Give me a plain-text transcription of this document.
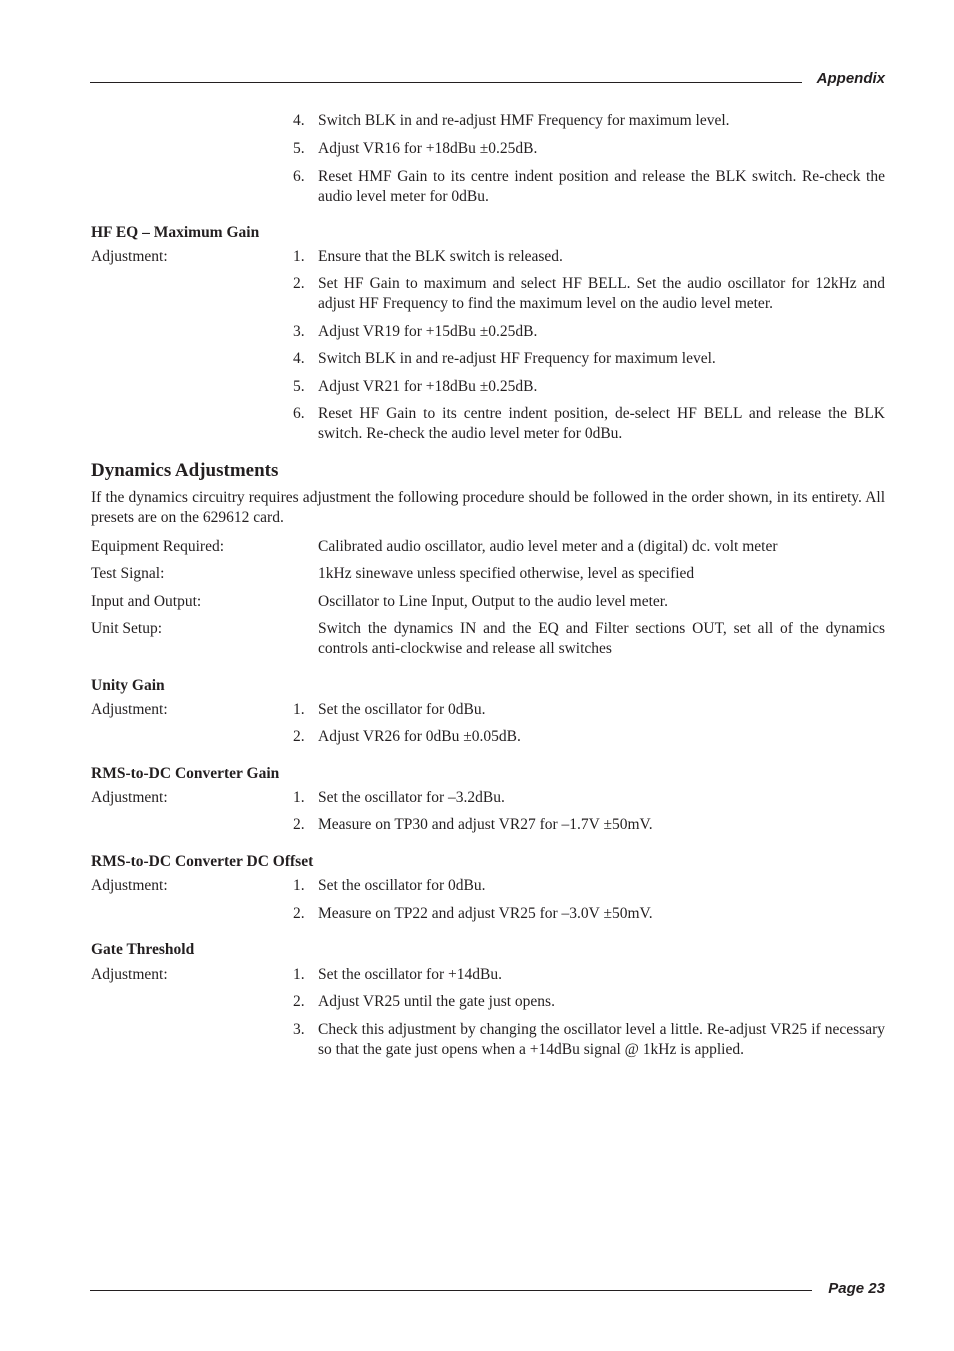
Appendix
4. Switch BLK in and re-adjust HMF Frequency for maximum level.
5. Adjust VR16 for +18dBu ±0.25dB.
6. Reset HMF Gain to its centre indent position and release the BLK switch. Re-check the audio level meter for 0dBu.
HF EQ – Maximum Gain
Adjustment:	1. Ensure that the BLK switch is released.
2. Set HF Gain to maximum and select HF BELL. Set the audio oscillator for 12kHz and adjust HF Frequency to find the maximum level on the audio level meter.
3. Adjust VR19 for +15dBu ±0.25dB.
4. Switch BLK in and re-adjust HF Frequency for maximum level.
5. Adjust VR21 for +18dBu ±0.25dB.
6. Reset HF Gain to its centre indent position, de-select HF BELL and release the BLK switch. Re-check the audio level meter for 0dBu.
Dynamics Adjustments
If the dynamics circuitry requires adjustment the following procedure should be followed in the order shown, in its entirety. All presets are on the 629612 card.
Equipment Required:	Calibrated audio oscillator, audio level meter and a (digital) dc. volt meter
Test Signal:	1kHz sinewave unless specified otherwise, level as specified
Input and Output:	Oscillator to Line Input, Output to the audio level meter.
Unit Setup:	Switch the dynamics IN and the EQ and Filter sections OUT, set all of the dynamics controls anti-clockwise and release all switches
Unity Gain
Adjustment:	1. Set the oscillator for 0dBu.
2. Adjust VR26 for 0dBu ±0.05dB.
RMS-to-DC Converter Gain
Adjustment:	1. Set the oscillator for –3.2dBu.
2. Measure on TP30 and adjust VR27 for –1.7V ±50mV.
RMS-to-DC Converter DC Offset
Adjustment:	1. Set the oscillator for 0dBu.
2. Measure on TP22 and adjust VR25 for –3.0V ±50mV.
Gate Threshold
Adjustment:	1. Set the oscillator for +14dBu.
2. Adjust VR25 until the gate just opens.
3. Check this adjustment by changing the oscillator level a little. Re-adjust VR25 if necessary so that the gate just opens when a +14dBu signal @ 1kHz is applied.
Page 23
